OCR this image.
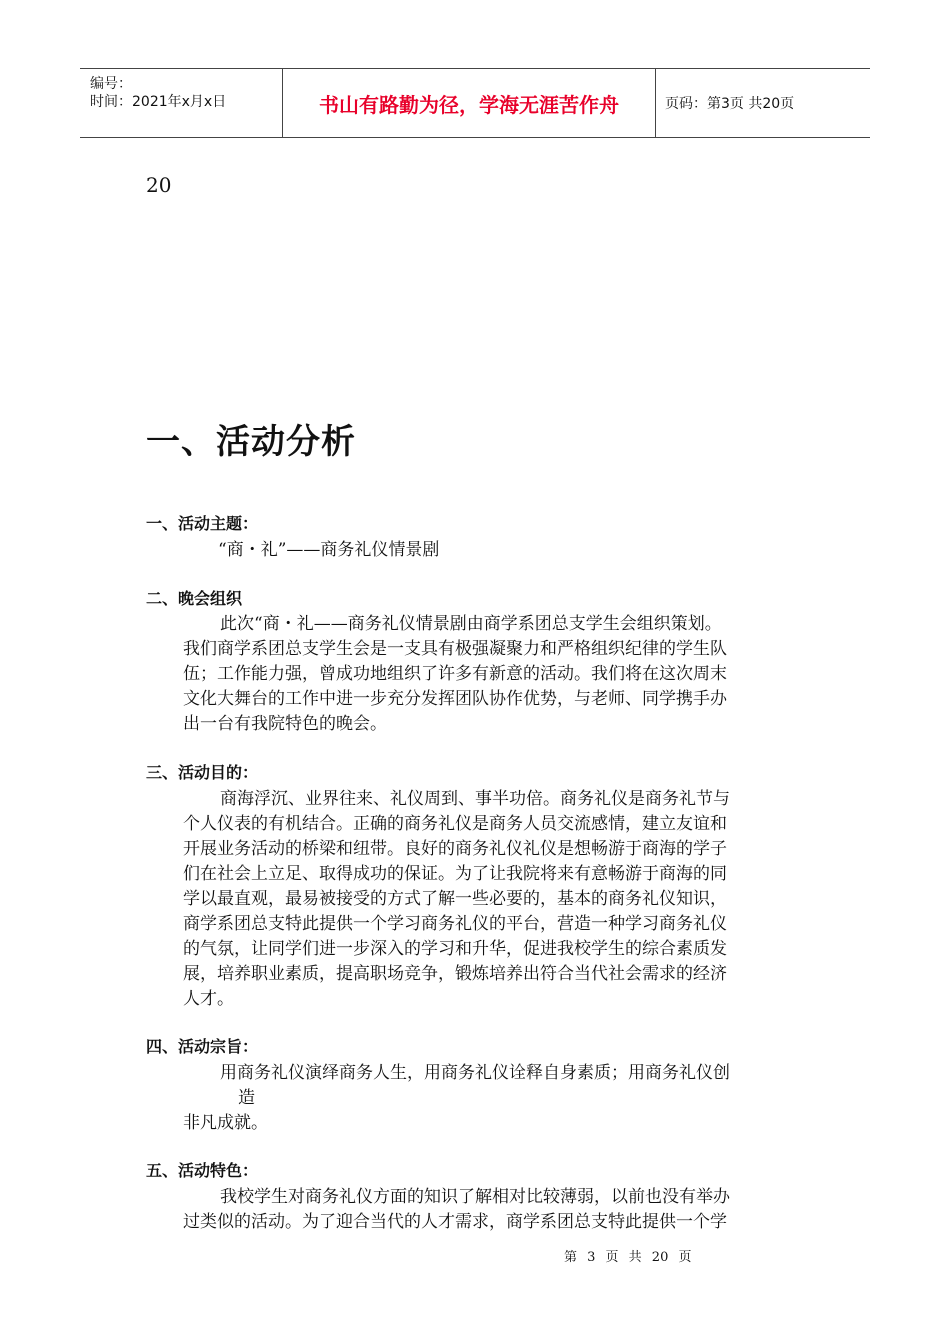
编号：
时间：2021年x月x日	书山有路勤为径，学海无涯苦作舟	页码：第3页 共20页
20
一、活动分析
一、活动主题：
“商・礼”——商务礼仪情景剧
二、晚会组织
此次“商・礼——商务礼仪情景剧由商学系团总支学生会组织策划。
我们商学系团总支学生会是一支具有极强凝聚力和严格组织纪律的学生队
伍；工作能力强，曾成功地组织了许多有新意的活动。我们将在这次周末
文化大舞台的工作中进一步充分发挥团队协作优势，与老师、同学携手办
出一台有我院特色的晚会。
三、活动目的：
商海浮沉、业界往来、礼仪周到、事半功倍。商务礼仪是商务礼节与
个人仪表的有机结合。正确的商务礼仪是商务人员交流感情，建立友谊和
开展业务活动的桥梁和纽带。良好的商务礼仪礼仪是想畅游于商海的学子
们在社会上立足、取得成功的保证。为了让我院将来有意畅游于商海的同
学以最直观，最易被接受的方式了解一些必要的，基本的商务礼仪知识，
商学系团总支特此提供一个学习商务礼仪的平台，营造一种学习商务礼仪
的气氛，让同学们进一步深入的学习和升华，促进我校学生的综合素质发
展，培养职业素质，提高职场竞争，锻炼培养出符合当代社会需求的经济
人才。
四、活动宗旨：
用商务礼仪演绎商务人生，用商务礼仪诠释自身素质；用商务礼仪创
造
非凡成就。
五、活动特色：
我校学生对商务礼仪方面的知识了解相对比较薄弱，以前也没有举办
过类似的活动。为了迎合当代的人才需求，商学系团总支特此提供一个学
第 3 页 共 20 页
